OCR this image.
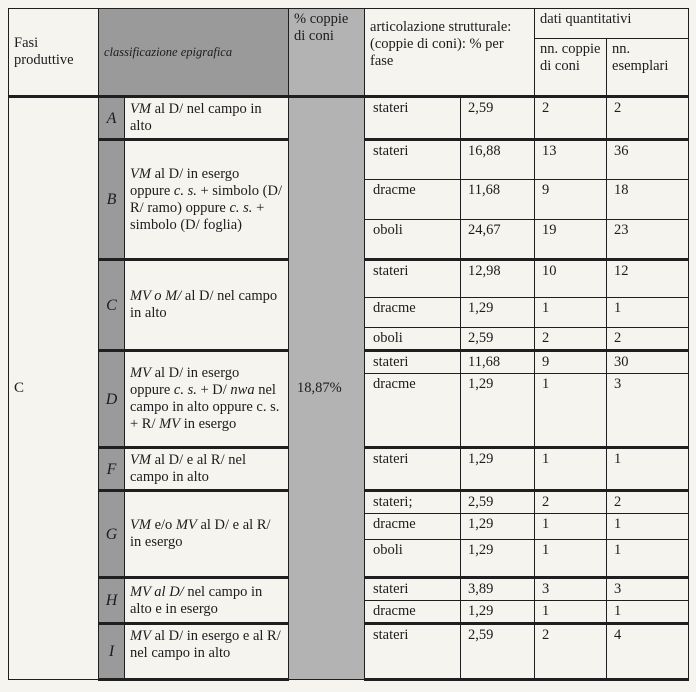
Fasi produttive	classificazione epigrafica		% coppie di coni	articolazione strutturale:(coppie di coni): % per fase		dati quantitativi	
						nn. coppie di coni	nn. esemplari
C	A	VM al D/ nel campo in alto	18,87%	stateri	2,59	2	2
	B	VM al D/ in esergo oppure c. s. + simbolo (D/ R/ ramo) oppure c. s. + simbolo (D/ foglia)		stateri	16,88	13	36
				dracme	11,68	9	18
				oboli	24,67	19	23
	C	MV o M/ al D/ nel campo in alto		stateri	12,98	10	12
				dracme	1,29	1	1
				oboli	2,59	2	2
	D	MV al D/ in esergo oppure c. s. + D/ nwa nel campo in alto oppure c. s. + R/ MV in esergo		stateri	11,68	9	30
				dracme	1,29	1	3
	F	VM al D/ e al R/ nel campo in alto		stateri	1,29	1	1
	G	VM e/o MV al D/ e al R/ in esergo		stateri;	2,59	2	2
				dracme	1,29	1	1
				oboli	1,29	1	1
	H	MV al D/ nel campo in alto e in esergo		stateri	3,89	3	3
				dracme	1,29	1	1
	I	MV al D/ in esergo e al R/ nel campo in alto		stateri	2,59	2	4
